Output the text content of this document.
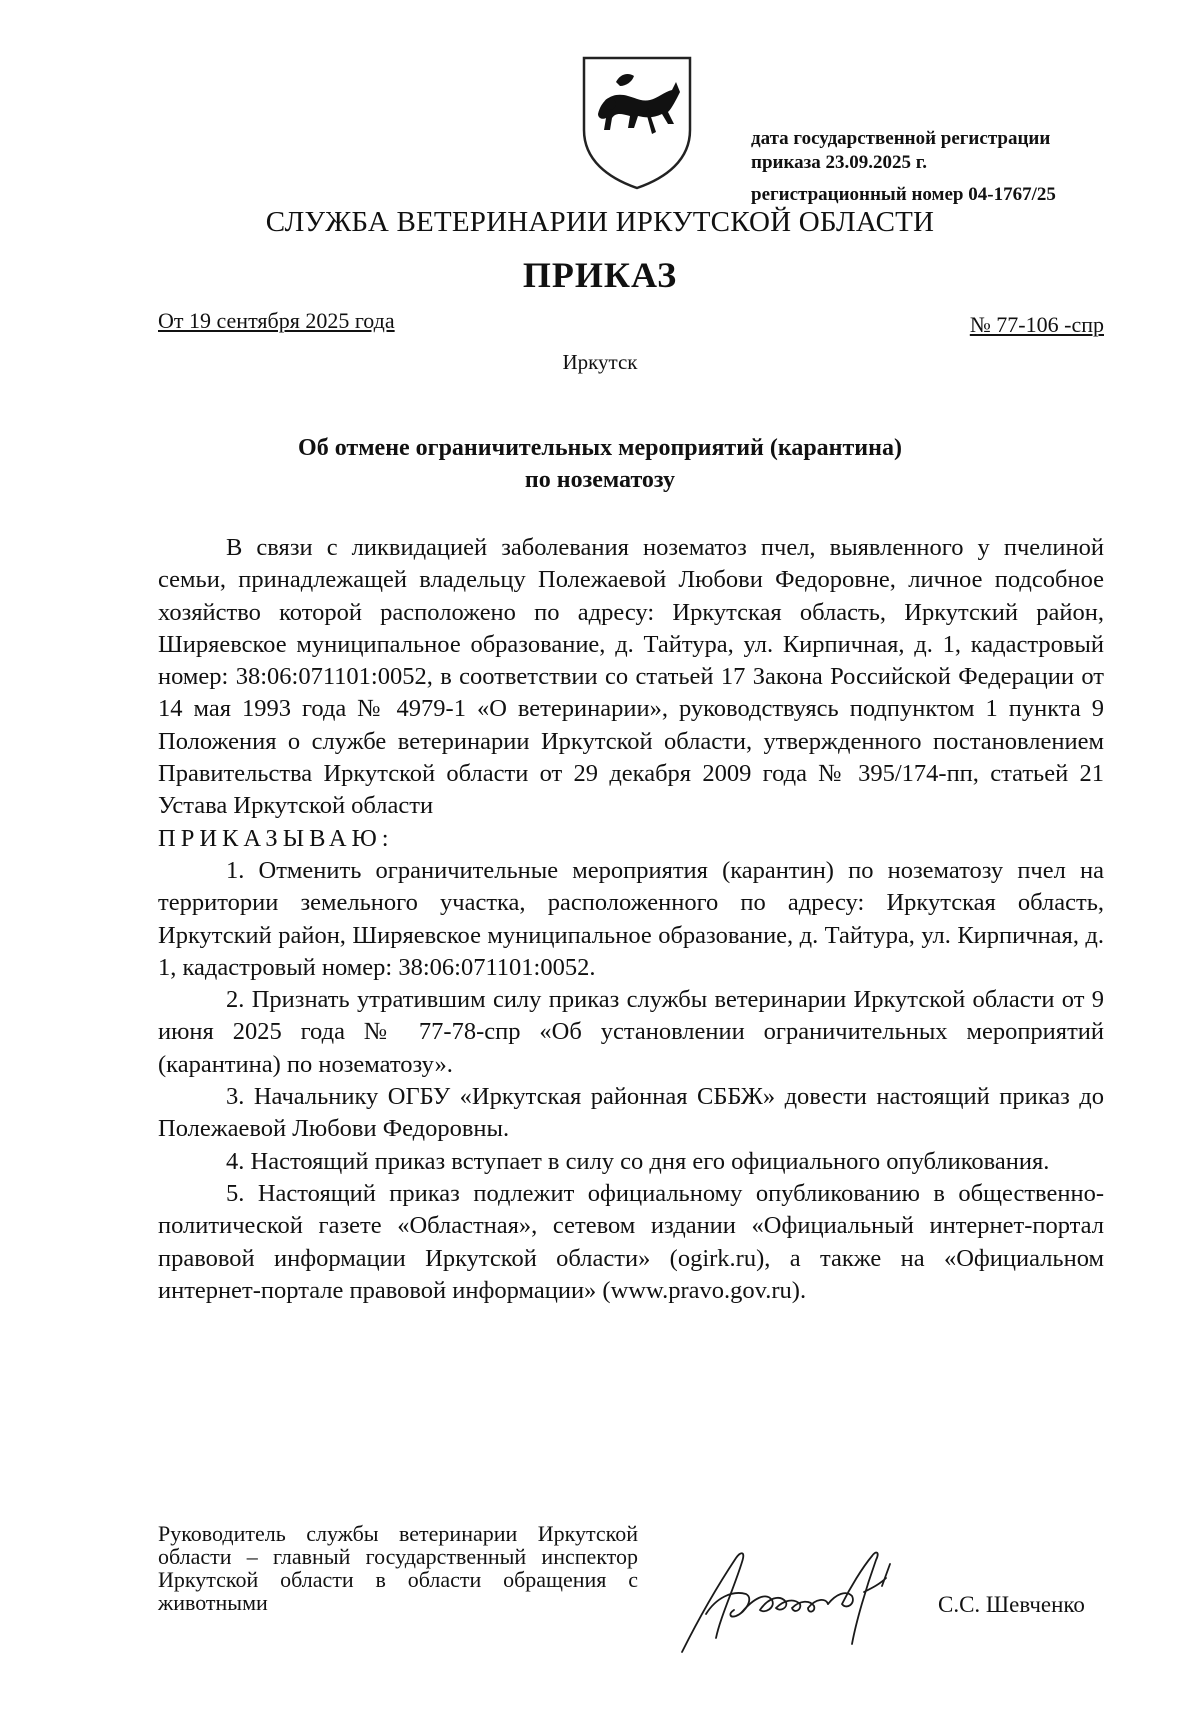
дата государственной регистрации
приказа 23.09.2025 г.
регистрационный номер 04-1767/25
СЛУЖБА ВЕТЕРИНАРИИ ИРКУТСКОЙ ОБЛАСТИ
ПРИКАЗ
От 19 сентября 2025 года	№ 77-106 -спр
Иркутск
Об отмене ограничительных мероприятий (карантина)
по нозематозу

В связи с ликвидацией заболевания нозематоз пчел, выявленного у пчелиной семьи, принадлежащей владельцу Полежаевой Любови Федоровне, личное подсобное хозяйство которой расположено по адресу: Иркутская область, Иркутский район, Ширяевское муниципальное образование, д. Тайтура, ул. Кирпичная, д. 1, кадастровый номер: 38:06:071101:0052, в соответствии со статьей 17 Закона Российской Федерации от 14 мая 1993 года № 4979-1 «О ветеринарии», руководствуясь подпунктом 1 пункта 9 Положения о службе ветеринарии Иркутской области, утвержденного постановлением Правительства Иркутской области от 29 декабря 2009 года № 395/174-пп, статьей 21 Устава Иркутской области

ПРИКАЗЫВАЮ:

1. Отменить ограничительные мероприятия (карантин) по нозематозу пчел на территории земельного участка, расположенного по адресу: Иркутская область, Иркутский район, Ширяевское муниципальное образование, д. Тайтура, ул. Кирпичная, д. 1, кадастровый номер: 38:06:071101:0052.

2. Признать утратившим силу приказ службы ветеринарии Иркутской области от 9 июня 2025 года № 77-78-спр «Об установлении ограничительных мероприятий (карантина) по нозематозу».

3. Начальнику ОГБУ «Иркутская районная СББЖ» довести настоящий приказ до Полежаевой Любови Федоровны.

4. Настоящий приказ вступает в силу со дня его официального опубликования.

5. Настоящий приказ подлежит официальному опубликованию в общественно-политической газете «Областная», сетевом издании «Официальный интернет-портал правовой информации Иркутской области» (ogirk.ru), а также на «Официальном интернет-портале правовой информации» (www.pravo.gov.ru).

Руководитель службы ветеринарии Иркутской области – главный государственный инспектор Иркутской области в области обращения с животными	С.С. Шевченко
